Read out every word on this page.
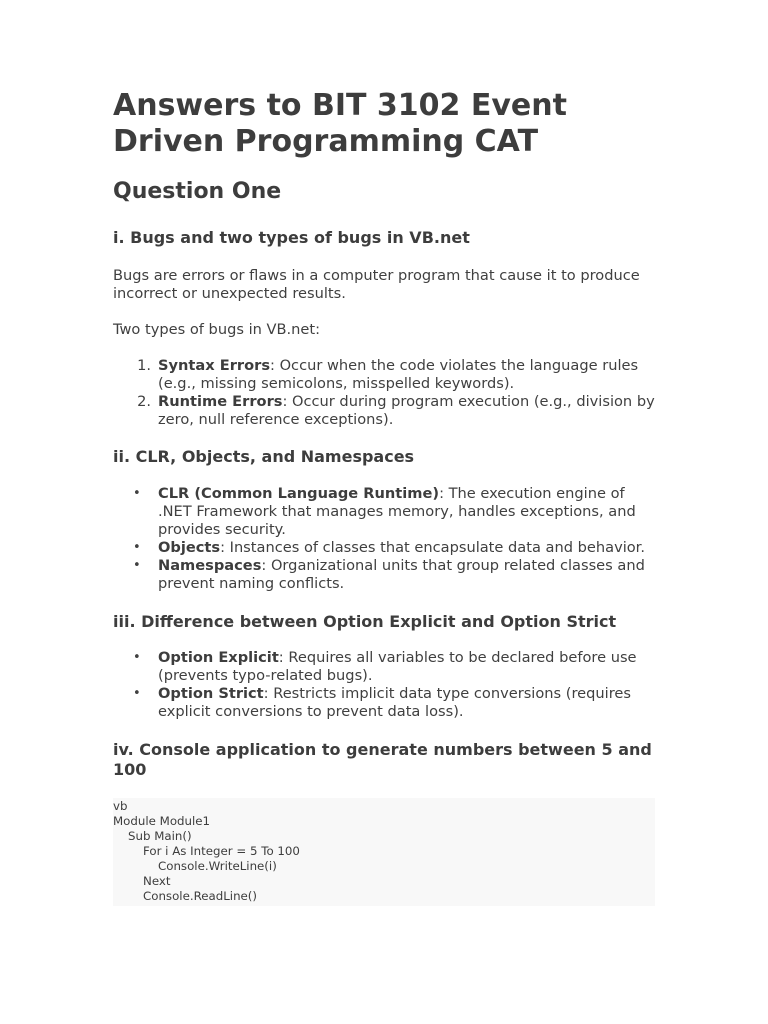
Answers to BIT 3102 Event Driven Programming CAT
Question One
i. Bugs and two types of bugs in VB.net

Bugs are errors or flaws in a computer program that cause it to produce incorrect or unexpected results.

Two types of bugs in VB.net:

1. Syntax Errors: Occur when the code violates the language rules (e.g., missing semicolons, misspelled keywords).
2. Runtime Errors: Occur during program execution (e.g., division by zero, null reference exceptions).
ii. CLR, Objects, and Namespaces
• CLR (Common Language Runtime): The execution engine of .NET Framework that manages memory, handles exceptions, and provides security.
• Objects: Instances of classes that encapsulate data and behavior.
• Namespaces: Organizational units that group related classes and prevent naming conflicts.
iii. Difference between Option Explicit and Option Strict
• Option Explicit: Requires all variables to be declared before use (prevents typo-related bugs).
• Option Strict: Restricts implicit data type conversions (requires explicit conversions to prevent data loss).
iv. Console application to generate numbers between 5 and 100
vb
Module Module1
Sub Main()
For i As Integer = 5 To 100
Console.WriteLine(i)
Next
Console.ReadLine()
